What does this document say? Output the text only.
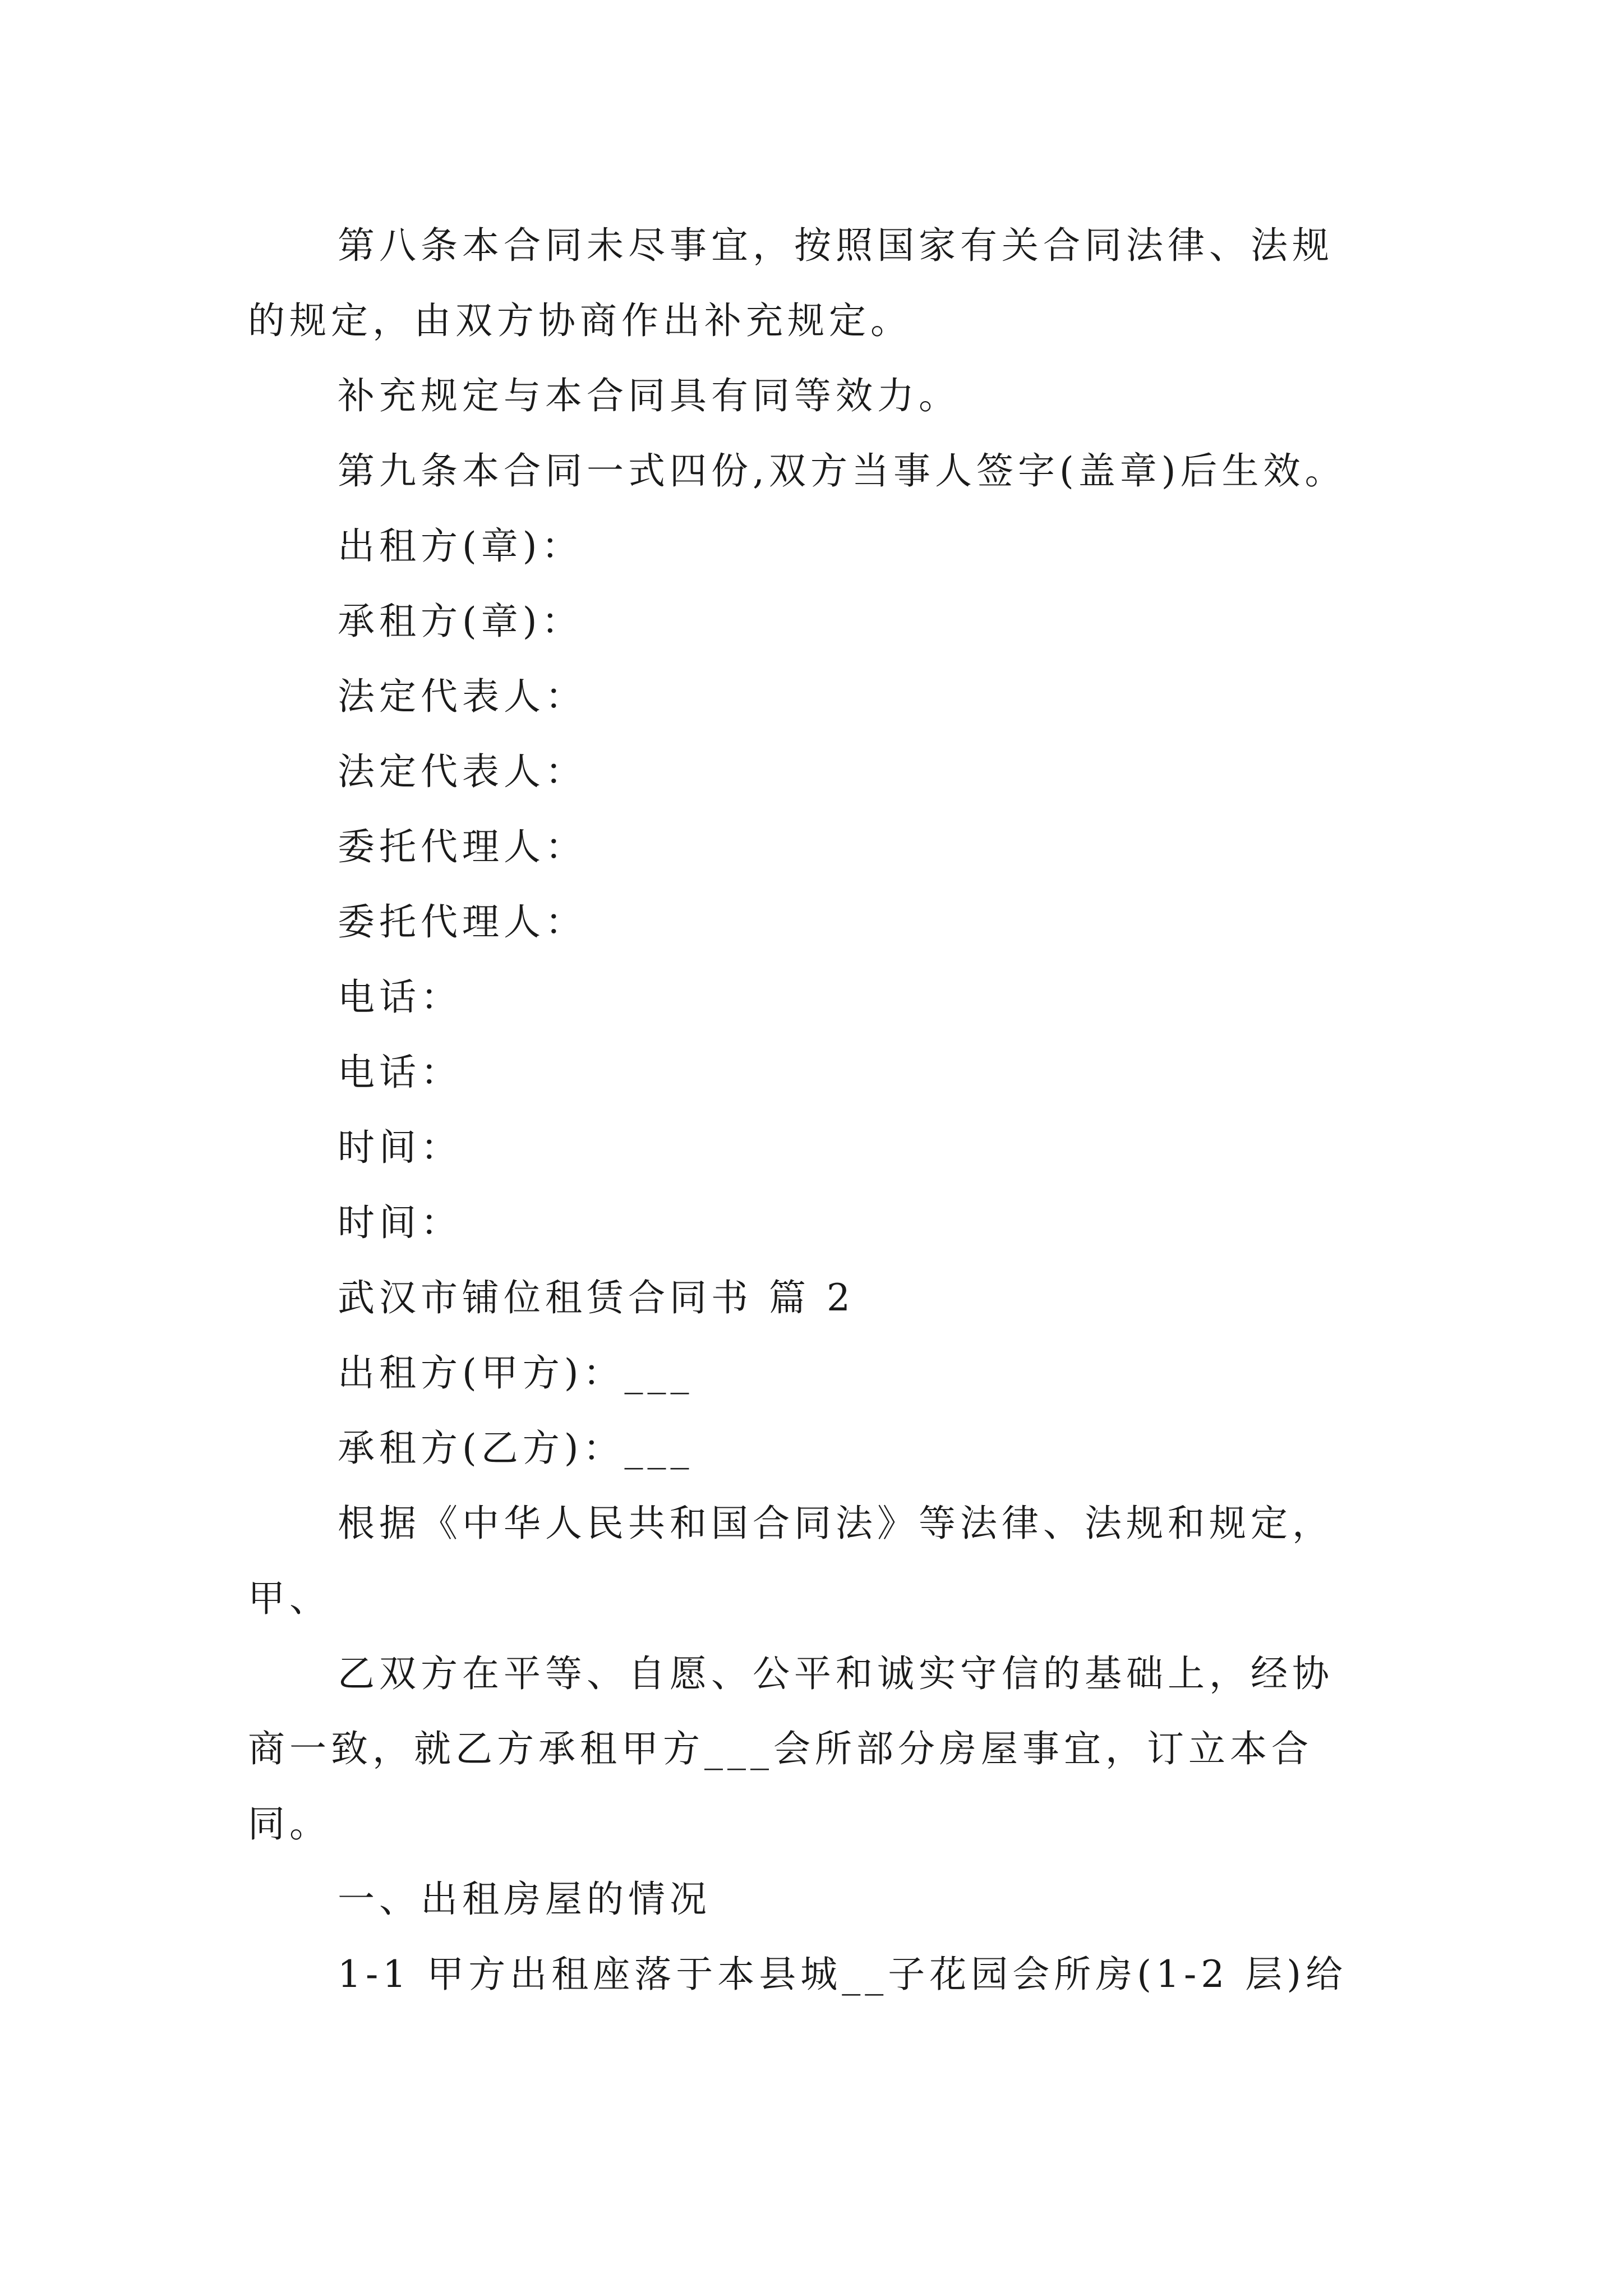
第八条本合同未尽事宜，按照国家有关合同法律、法规

的规定，由双方协商作出补充规定。

补充规定与本合同具有同等效力。

第九条本合同一式四份,双方当事人签字(盖章)后生效。

出租方(章)：

承租方(章)：

法定代表人：

法定代表人：

委托代理人：

委托代理人：

电话：

电话：

时间：

时间：

武汉市铺位租赁合同书 篇 2

出租方(甲方)：___

承租方(乙方)：___

根据《中华人民共和国合同法》等法律、法规和规定，

甲、

乙双方在平等、自愿、公平和诚实守信的基础上，经协

商一致，就乙方承租甲方___会所部分房屋事宜，订立本合

同。

一、出租房屋的情况

1-1 甲方出租座落于本县城__子花园会所房(1-2 层)给
